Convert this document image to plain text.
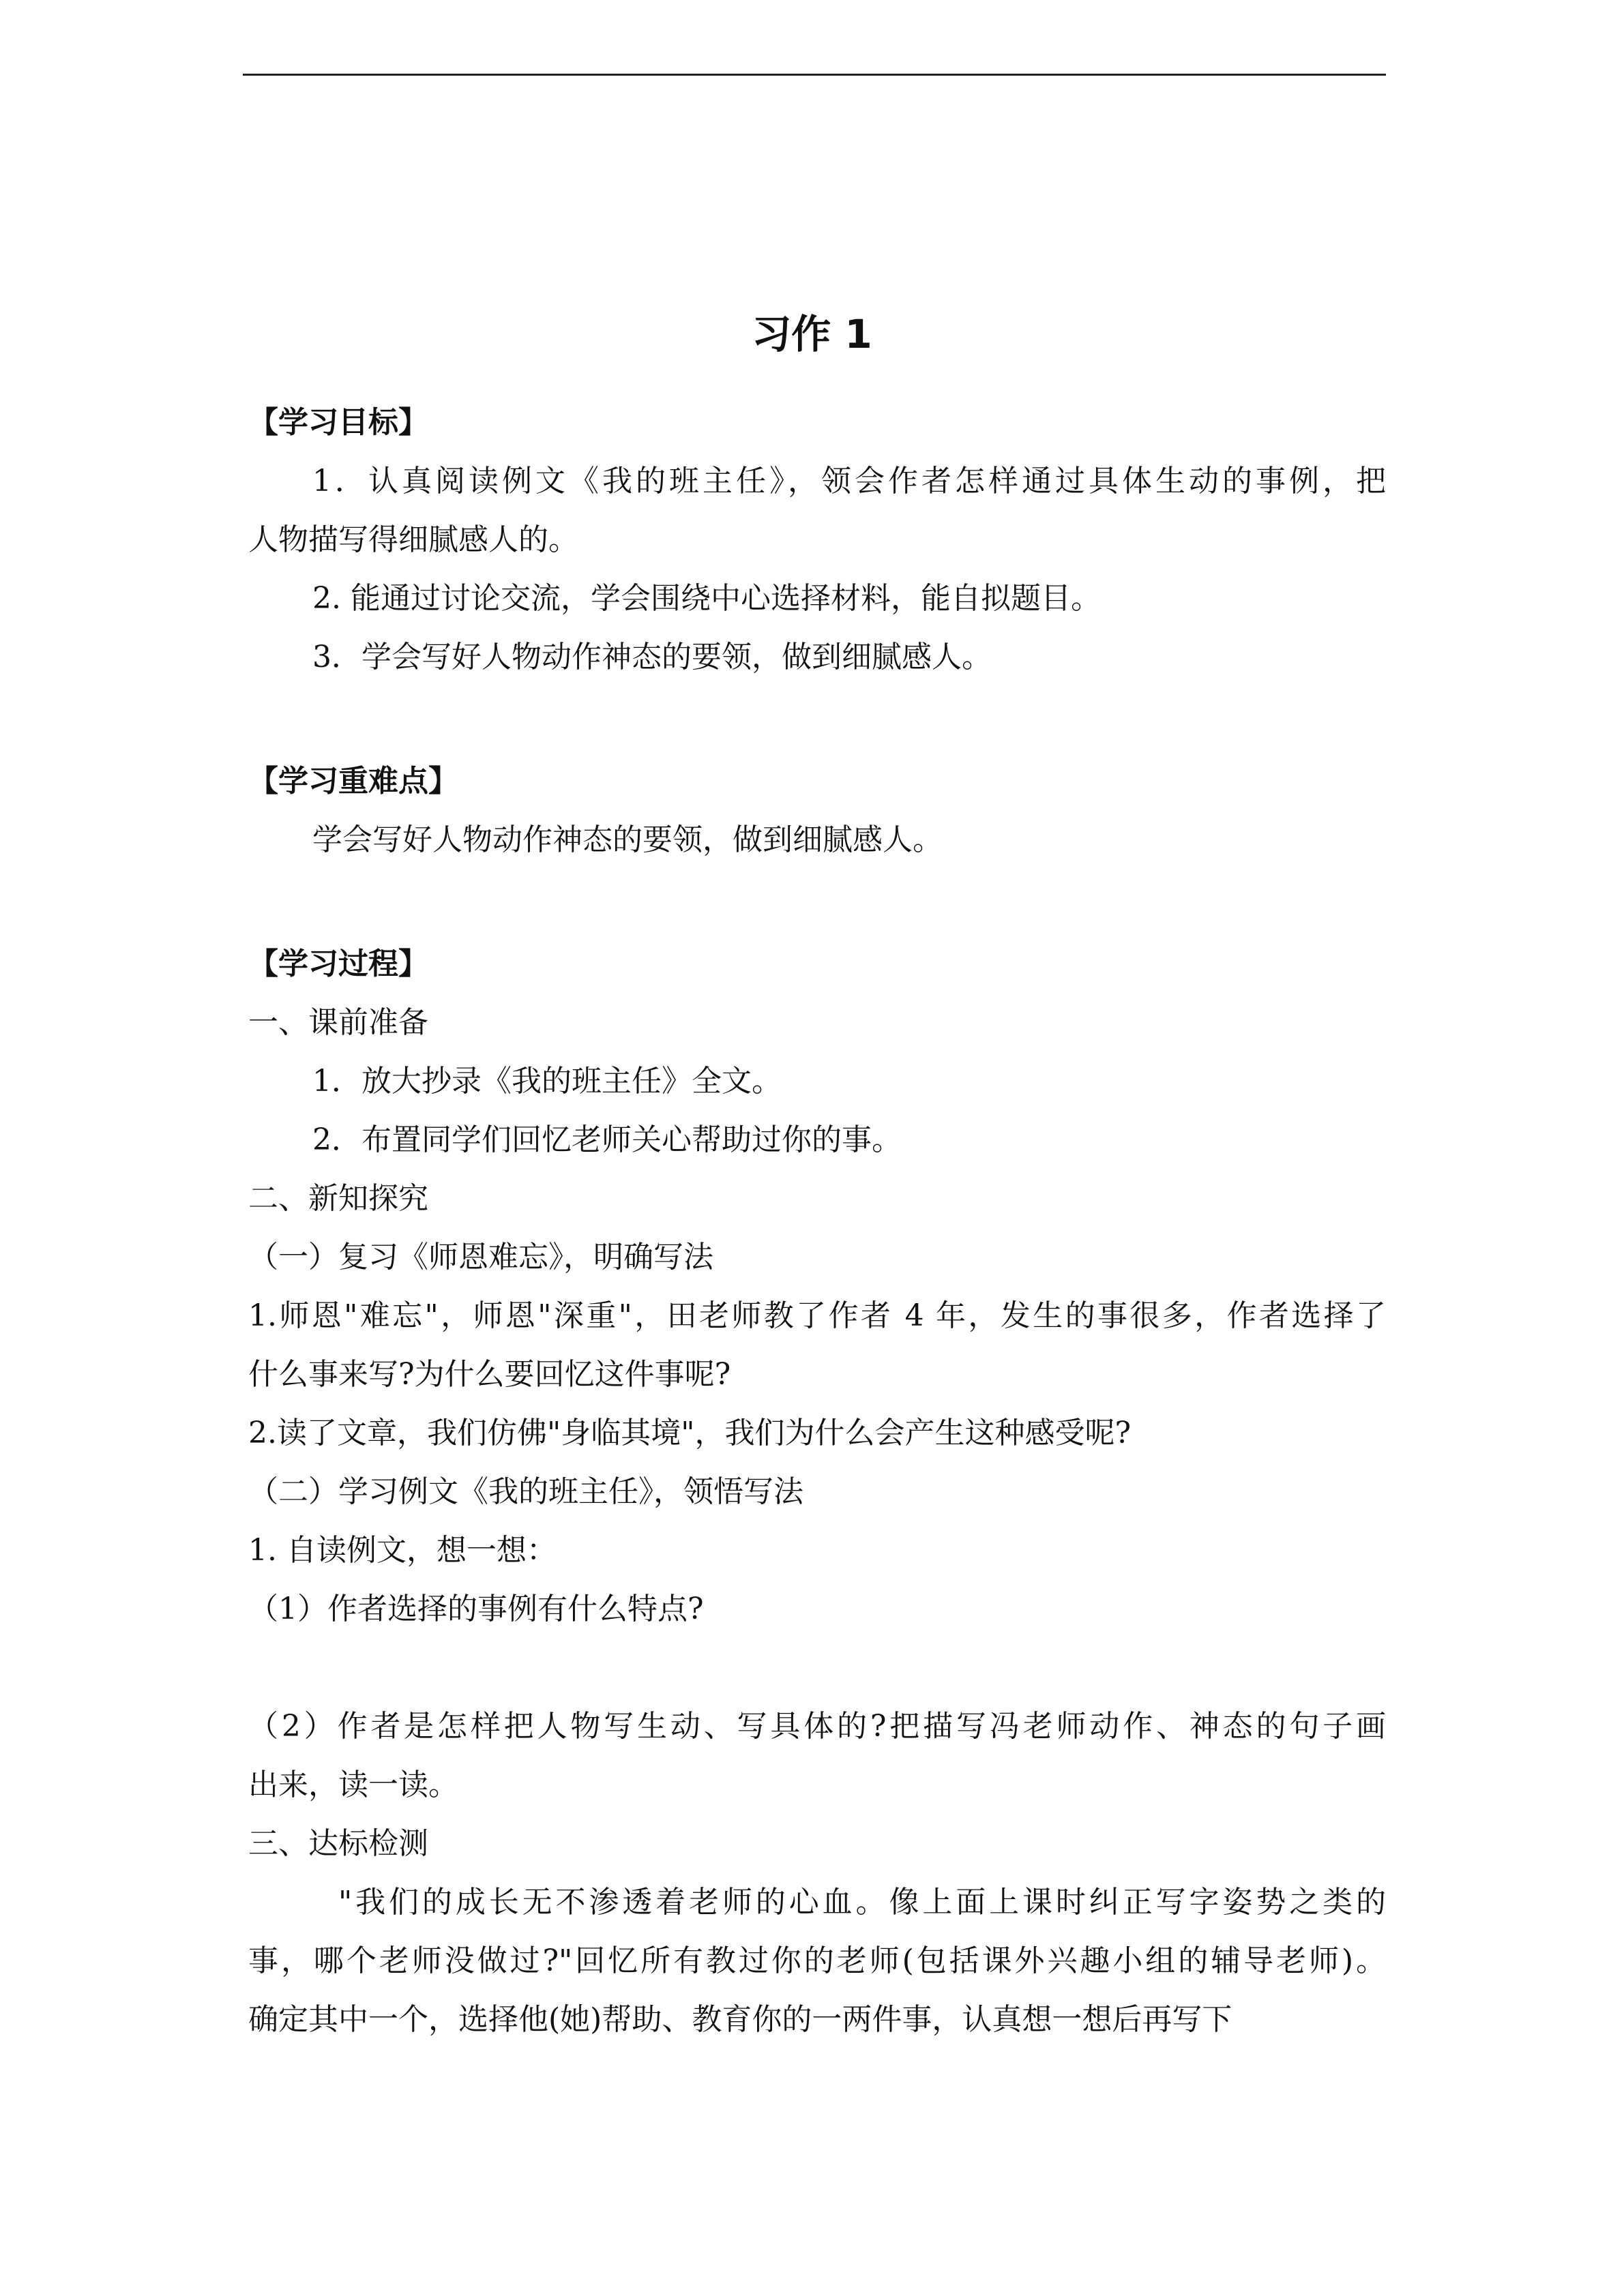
习作 1
【学习目标】
1．认真阅读例文《我的班主任》，领会作者怎样通过具体生动的事例，把
人物描写得细腻感人的。
2. 能通过讨论交流，学会围绕中心选择材料，能自拟题目。
3．学会写好人物动作神态的要领，做到细腻感人。
【学习重难点】
学会写好人物动作神态的要领，做到细腻感人。
【学习过程】
一、课前准备
1．放大抄录《我的班主任》全文。
2．布置同学们回忆老师关心帮助过你的事。
二、新知探究
（一）复习《师恩难忘》，明确写法
1.师恩"难忘"，师恩"深重"，田老师教了作者 4 年，发生的事很多，作者选择了
什么事来写?为什么要回忆这件事呢?
2.读了文章，我们仿佛"身临其境"，我们为什么会产生这种感受呢?
（二）学习例文《我的班主任》，领悟写法
1. 自读例文，想一想：
（1）作者选择的事例有什么特点?
（2）作者是怎样把人物写生动、写具体的?把描写冯老师动作、神态的句子画
出来，读一读。
三、达标检测
"我们的成长无不渗透着老师的心血。像上面上课时纠正写字姿势之类的
事，哪个老师没做过?"回忆所有教过你的老师(包括课外兴趣小组的辅导老师)。
确定其中一个，选择他(她)帮助、教育你的一两件事，认真想一想后再写下
